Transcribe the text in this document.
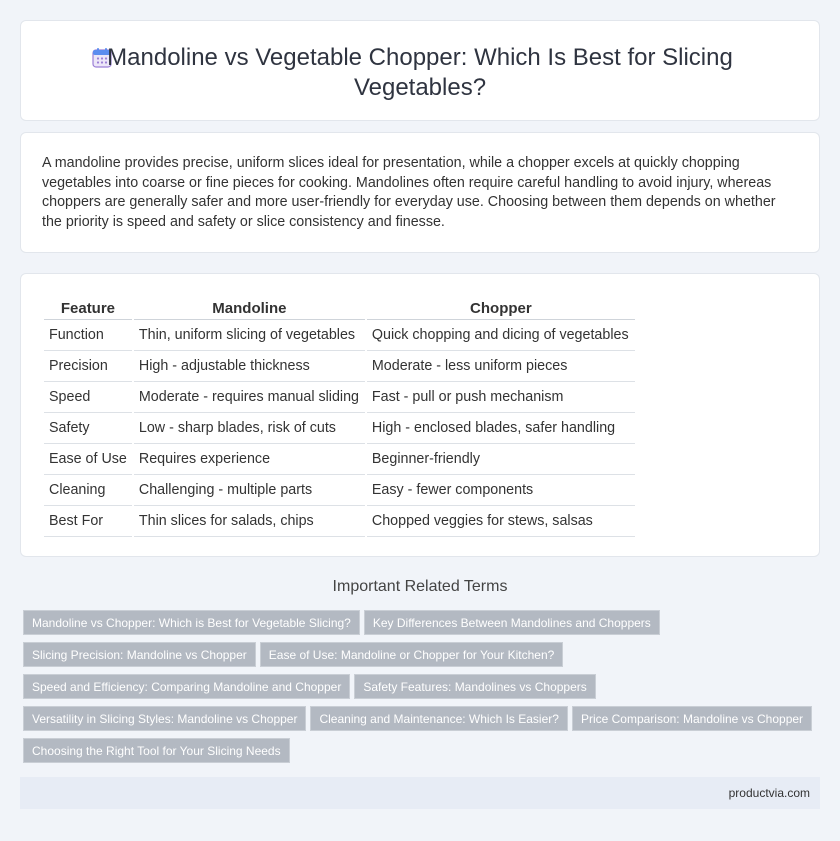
Mandoline vs Vegetable Chopper: Which Is Best for Slicing Vegetables?

A mandoline provides precise, uniform slices ideal for presentation, while a chopper excels at quickly chopping vegetables into coarse or fine pieces for cooking. Mandolines often require careful handling to avoid injury, whereas choppers are generally safer and more user-friendly for everyday use. Choosing between them depends on whether the priority is speed and safety or slice consistency and finesse.

Feature	Mandoline	Chopper
Function	Thin, uniform slicing of vegetables	Quick chopping and dicing of vegetables
Precision	High - adjustable thickness	Moderate - less uniform pieces
Speed	Moderate - requires manual sliding	Fast - pull or push mechanism
Safety	Low - sharp blades, risk of cuts	High - enclosed blades, safer handling
Ease of Use	Requires experience	Beginner-friendly
Cleaning	Challenging - multiple parts	Easy - fewer components
Best For	Thin slices for salads, chips	Chopped veggies for stews, salsas
Important Related Terms
Mandoline vs Chopper: Which is Best for Vegetable Slicing? Key Differences Between Mandolines and Choppers
Slicing Precision: Mandoline vs Chopper Ease of Use: Mandoline or Chopper for Your Kitchen?
Speed and Efficiency: Comparing Mandoline and Chopper Safety Features: Mandolines vs Choppers
Versatility in Slicing Styles: Mandoline vs Chopper Cleaning and Maintenance: Which Is Easier? Price Comparison: Mandoline vs Chopper
Choosing the Right Tool for Your Slicing Needs
productvia.com
